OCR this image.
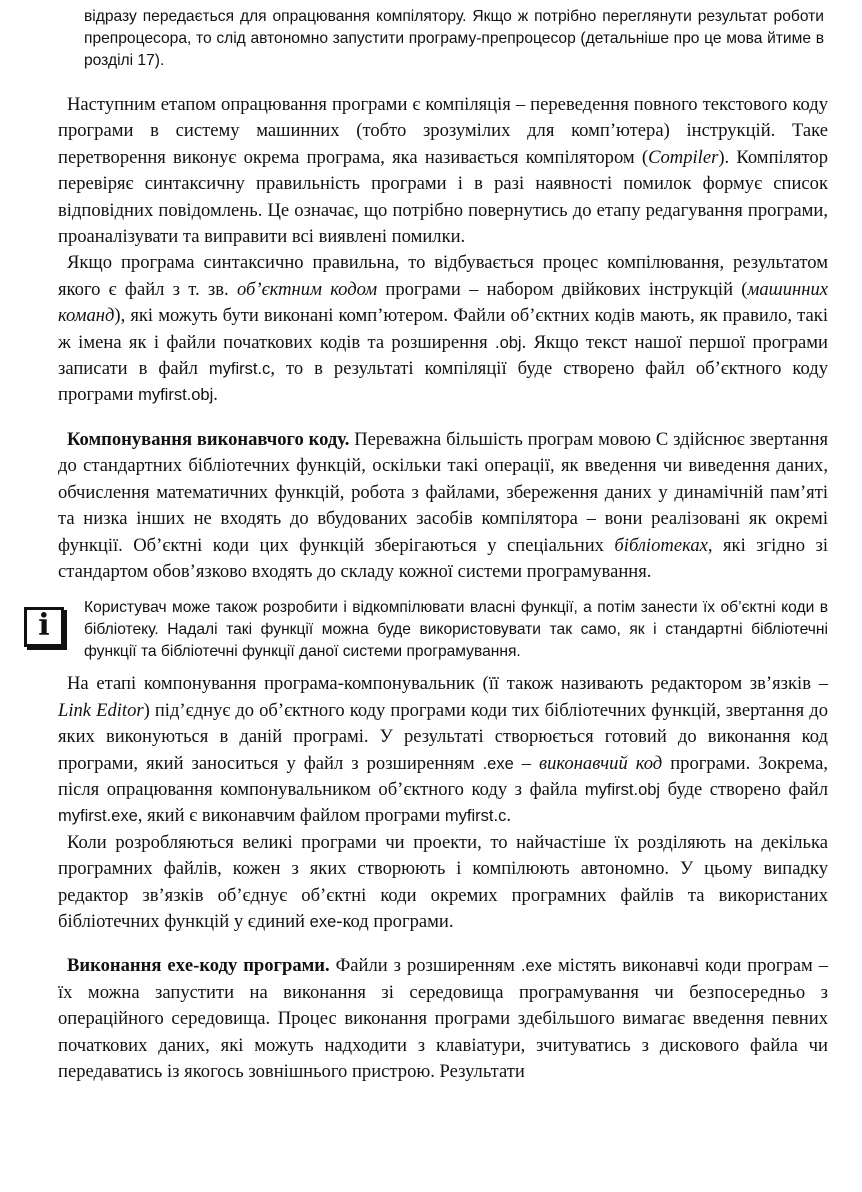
відразу передається для опрацювання компілятору. Якщо ж потрібно переглянути результат роботи препроцесора, то слід автономно запустити програму-препроцесор (детальніше про це мова йтиме в розділі 17).

Наступним етапом опрацювання програми є компіляція – переведення повного текстового коду програми в систему машинних (тобто зрозумілих для комп’ютера) інструкцій. Таке перетворення виконує окрема програма, яка називається компілятором (Compiler). Компілятор перевіряє синтаксичну правильність програми і в разі наявності помилок формує список відповідних повідомлень. Це означає, що потрібно повернутись до етапу редагування програми, проаналізувати та виправити всі виявлені помилки.

Якщо програма синтаксично правильна, то відбувається процес компілювання, результатом якого є файл з т. зв. об’єктним кодом програми – набором двійкових інструкцій (машинних команд), які можуть бути виконані комп’ютером. Файли об’єктних кодів мають, як правило, такі ж імена як і файли початкових кодів та розширення .obj. Якщо текст нашої першої програми записати в файл myfirst.c, то в результаті компіляції буде створено файл об’єктного коду програми myfirst.obj.

Компонування виконавчого коду. Переважна більшість програм мовою С здійснює звертання до стандартних бібліотечних функцій, оскільки такі операції, як введення чи виведення даних, обчислення математичних функцій, робота з файлами, збереження даних у динамічній пам’яті та низка інших не входять до вбудованих засобів компілятора – вони реалізовані як окремі функції. Об’єктні коди цих функцій зберігаються у спеціальних бібліотеках, які згідно зі стандартом обов’язково входять до складу кожної системи програмування.

i

Користувач може також розробити і відкомпілювати власні функції, а потім занести їх об’єктні коди в бібліотеку. Надалі такі функції можна буде використовувати так само, як і стандартні бібліотечні функції та бібліотечні функції даної системи програмування.

На етапі компонування програма-компонувальник (її також називають редактором зв’язків – Link Editor) під’єднує до об’єктного коду програми коди тих бібліотечних функцій, звертання до яких виконуються в даній програмі. У результаті створюється готовий до виконання код програми, який заноситься у файл з розширенням .exe – виконавчий код програми. Зокрема, після опрацювання компонувальником об’єктного коду з файла myfirst.obj буде створено файл myfirst.exe, який є виконавчим файлом програми myfirst.c.

Коли розробляються великі програми чи проекти, то найчастіше їх розділяють на декілька програмних файлів, кожен з яких створюють і компілюють автономно. У цьому випадку редактор зв’язків об’єднує об’єктні коди окремих програмних файлів та використаних бібліотечних функцій у єдиний exe-код програми.

Виконання exe-коду програми. Файли з розширенням .exe містять виконавчі коди програм – їх можна запустити на виконання зі середовища програмування чи безпосередньо з операційного середовища. Процес виконання програми здебільшого вимагає введення певних початкових даних, які можуть надходити з клавіатури, зчитуватись з дискового файла чи передаватись із якогось зовнішнього пристрою. Результати
